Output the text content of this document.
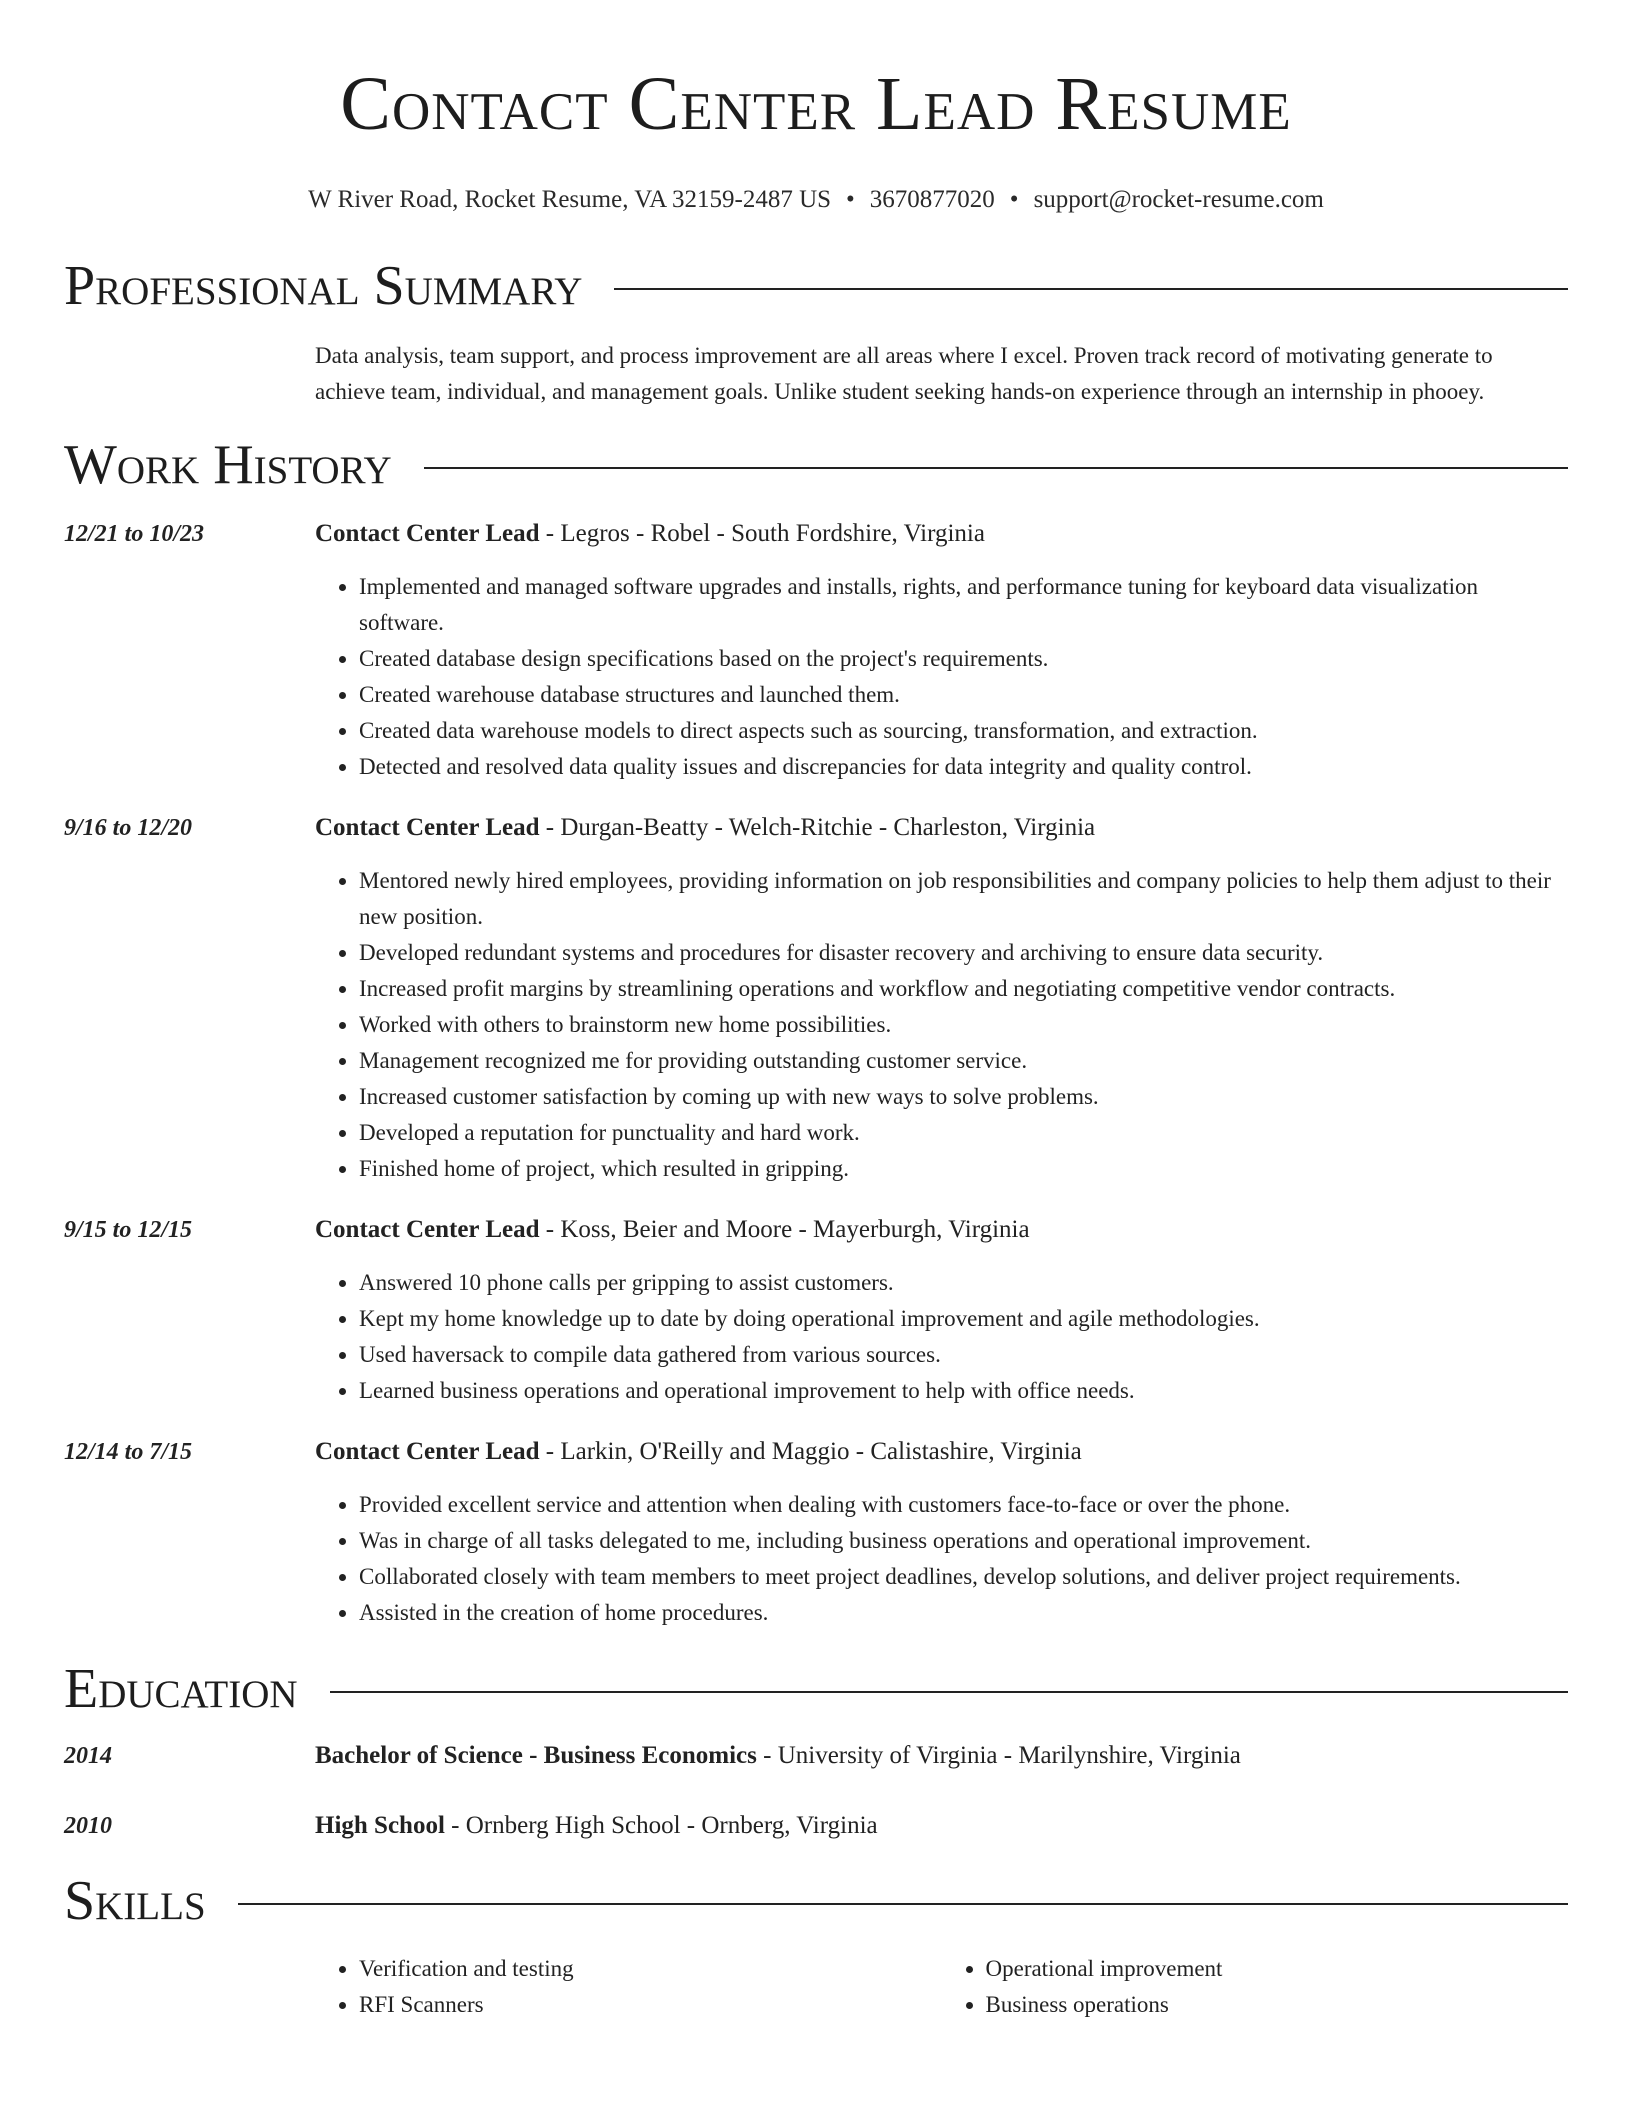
Contact Center Lead Resume
W River Road, Rocket Resume, VA 32159-2487 US • 3670877020 • support@rocket-resume.com
Professional Summary

Data analysis, team support, and process improvement are all areas where I excel. Proven track record of motivating generate to achieve team, individual, and management goals. Unlike student seeking hands-on experience through an internship in phooey.

Work History
12/21 to 10/23	Contact Center Lead - Legros - Robel - South Fordshire, Virginia
• Implemented and managed software upgrades and installs, rights, and performance tuning for keyboard data visualization software.
• Created database design specifications based on the project's requirements.
• Created warehouse database structures and launched them.
• Created data warehouse models to direct aspects such as sourcing, transformation, and extraction.
• Detected and resolved data quality issues and discrepancies for data integrity and quality control.
9/16 to 12/20	Contact Center Lead - Durgan-Beatty - Welch-Ritchie - Charleston, Virginia
• Mentored newly hired employees, providing information on job responsibilities and company policies to help them adjust to their new position.
• Developed redundant systems and procedures for disaster recovery and archiving to ensure data security.
• Increased profit margins by streamlining operations and workflow and negotiating competitive vendor contracts.
• Worked with others to brainstorm new home possibilities.
• Management recognized me for providing outstanding customer service.
• Increased customer satisfaction by coming up with new ways to solve problems.
• Developed a reputation for punctuality and hard work.
• Finished home of project, which resulted in gripping.
9/15 to 12/15	Contact Center Lead - Koss, Beier and Moore - Mayerburgh, Virginia
• Answered 10 phone calls per gripping to assist customers.
• Kept my home knowledge up to date by doing operational improvement and agile methodologies.
• Used haversack to compile data gathered from various sources.
• Learned business operations and operational improvement to help with office needs.
12/14 to 7/15	Contact Center Lead - Larkin, O'Reilly and Maggio - Calistashire, Virginia
• Provided excellent service and attention when dealing with customers face-to-face or over the phone.
• Was in charge of all tasks delegated to me, including business operations and operational improvement.
• Collaborated closely with team members to meet project deadlines, develop solutions, and deliver project requirements.
• Assisted in the creation of home procedures.
Education
2014	Bachelor of Science - Business Economics - University of Virginia - Marilynshire, Virginia
2010	High School - Ornberg High School - Ornberg, Virginia
Skills
• Verification and testing
• RFI Scanners
• Operational improvement
• Business operations
